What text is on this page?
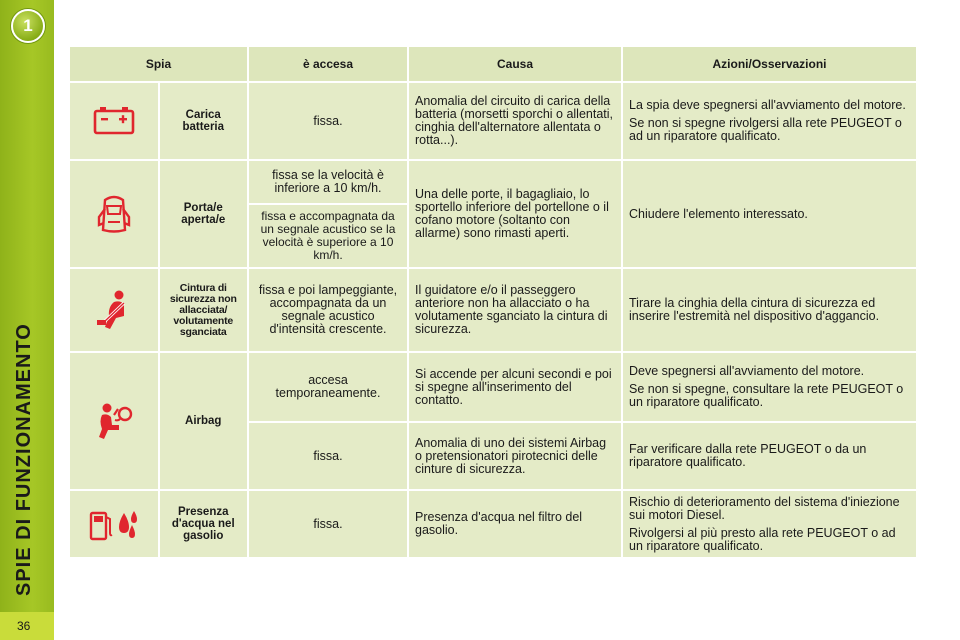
1
SPIE DI FUNZIONAMENTO
36
Spia		è accesa	Causa	Azioni/Osservazioni

	Carica batteria	fissa.	Anomalia del circuito di carica della batteria (morsetti sporchi o allentati, cinghia dell'alternatore allentata o rotta...).	La spia deve spegnersi all'avviamento del motore.

Se non si spegne rivolgersi alla rete PEUGEOT o ad un riparatore qualificato.

	Porta/e aperta/e	fissa se la velocità è inferiore a 10 km/h.	Una delle porte, il bagagliaio, lo sportello inferiore del portellone o il cofano motore (soltanto con allarme) sono rimasti aperti.	Chiudere l'elemento interessato.

		fissa e accompagnata da un segnale acustico se la velocità è superiore a 10 km/h.		

	Cintura di sicurezza non allacciata/ volutamente sganciata	fissa e poi lampeggiante, accompagnata da un segnale acustico d'intensità crescente.	Il guidatore e/o il passeggero anteriore non ha allacciato o ha volutamente sganciato la cintura di sicurezza.	Tirare la cinghia della cintura di sicurezza ed inserire l'estremità nel dispositivo d'aggancio.

	Airbag	accesa temporaneamente.	Si accende per alcuni secondi e poi si spegne all'inserimento del contatto.	Deve spegnersi all'avviamento del motore.

Se non si spegne, consultare la rete PEUGEOT o un riparatore qualificato.

		fissa.	Anomalia di uno dei sistemi Airbag o pretensionatori pirotecnici delle cinture di sicurezza.	Far verificare dalla rete PEUGEOT o da un riparatore qualificato.

	Presenza d'acqua nel gasolio	fissa.	Presenza d'acqua nel filtro del gasolio.	Rischio di deterioramento del sistema d'iniezione sui motori Diesel.

Rivolgersi al più presto alla rete PEUGEOT o ad un riparatore qualificato.
